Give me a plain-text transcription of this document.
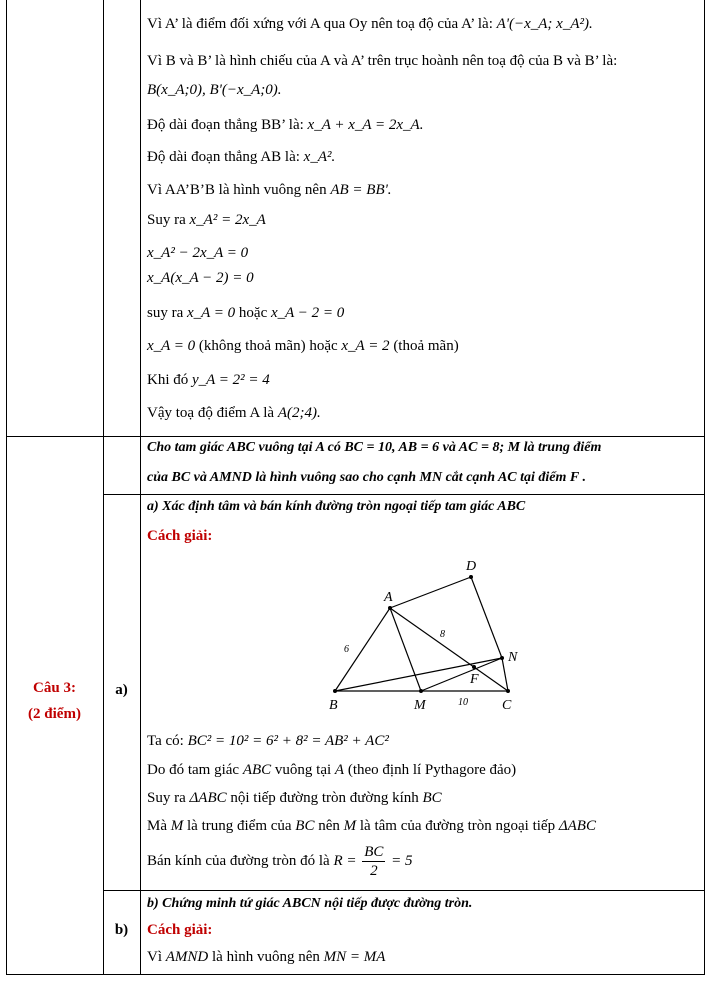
Vì A’ là điểm đối xứng với A qua Oy nên toạ độ của A’ là: A'(−x_A; x_A²).
Vì B và B’ là hình chiếu của A và A’ trên trục hoành nên toạ độ của B và B’ là:
B(x_A;0), B'(−x_A;0).
Độ dài đoạn thẳng BB’ là: x_A + x_A = 2x_A.
Độ dài đoạn thẳng AB là: x_A².
Vì AA’B’B là hình vuông nên AB = BB'.
Suy ra x_A² = 2x_A
x_A² − 2x_A = 0
x_A(x_A − 2) = 0
suy ra x_A = 0 hoặc x_A − 2 = 0
x_A = 0 (không thoả mãn) hoặc x_A = 2 (thoả mãn)
Khi đó y_A = 2² = 4
Vậy toạ độ điểm A là A(2;4).
Câu 3:
(2 điểm)
Cho tam giác ABC vuông tại A có BC = 10, AB = 6 và AC = 8; M là trung điểm
của BC và AMND là hình vuông sao cho cạnh MN cắt cạnh AC tại điểm F .
a)
a) Xác định tâm và bán kính đường tròn ngoại tiếp tam giác ABC
Cách giải:
A
B	C
D
M
N
F
6
8
10
Ta có: BC² = 10² = 6² + 8² = AB² + AC²
Do đó tam giác ABC vuông tại A (theo định lí Pythagore đảo)
Suy ra ΔABC nội tiếp đường tròn đường kính BC
Mà M là trung điểm của BC nên M là tâm của đường tròn ngoại tiếp ΔABC
Bán kính của đường tròn đó là $R = \frac{BC}{2} = 5$
b)
b) Chứng minh tứ giác ABCN nội tiếp được đường tròn.
Cách giải:
Vì AMND là hình vuông nên MN = MA
